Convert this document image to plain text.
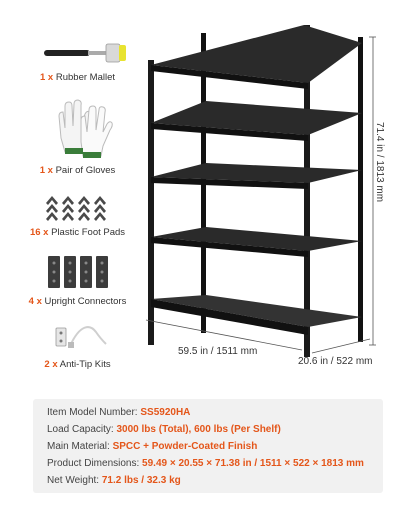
1 x Rubber Mallet
1 x Pair of Gloves
16 x Plastic Foot Pads
4 x Upright Connectors
2 x Anti-Tip Kits
71.4 in / 1813 mm
59.5 in / 1511 mm
20.6 in / 522 mm
Item Model Number: SS5920HA
Load Capacity: 3000 lbs (Total), 600 lbs (Per Shelf)
Main Material: SPCC + Powder-Coated Finish
Product Dimensions: 59.49 × 20.55 × 71.38 in / 1511 × 522 × 1813 mm
Net Weight: 71.2 lbs / 32.3 kg
